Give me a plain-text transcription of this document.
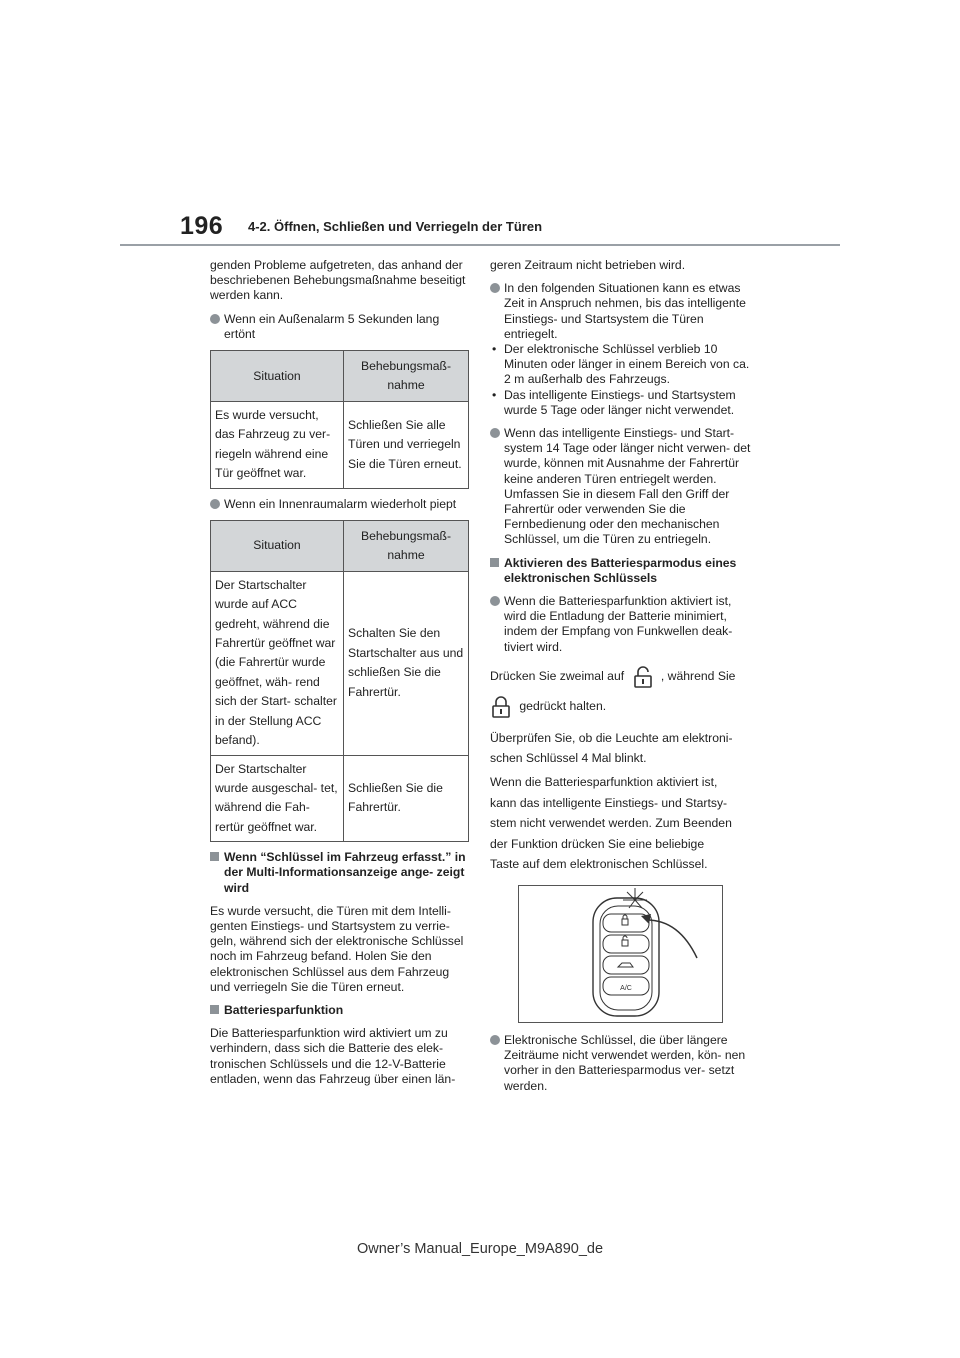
196 4-2. Öffnen, Schließen und Verriegeln der Türen

genden Probleme aufgetreten, das anhand der beschriebenen Behebungsmaßnahme beseitigt werden kann.

Wenn ein Außenalarm 5 Sekunden lang ertönt
Situation	Behebungsmaß- nahme
Es wurde versucht, das Fahrzeug zu ver- riegeln während eine Tür geöffnet war.	Schließen Sie alle Türen und verriegeln Sie die Türen erneut.
Wenn ein Innenraumalarm wiederholt piept
Situation	Behebungsmaß- nahme
Der Startschalter wurde auf ACC gedreht, während die Fahrertür geöffnet war (die Fahrertür wurde geöffnet, wäh- rend sich der Start- schalter in der Stellung ACC befand).	Schalten Sie den Startschalter aus und schließen Sie die Fahrertür.
Der Startschalter wurde ausgeschal- tet, während die Fah- rertür geöffnet war.	Schließen Sie die Fahrertür.
Wenn “Schlüssel im Fahrzeug erfasst.” in der Multi-Informationsanzeige ange- zeigt wird

Es wurde versucht, die Türen mit dem Intelli- genten Einstiegs- und Startsystem zu verrie- geln, während sich der elektronische Schlüssel noch im Fahrzeug befand. Holen Sie den elektronischen Schlüssel aus dem Fahrzeug und verriegeln Sie die Türen erneut.

Batteriesparfunktion

Die Batteriesparfunktion wird aktiviert um zu verhindern, dass sich die Batterie des elek- tronischen Schlüssels und die 12-V-Batterie entladen, wenn das Fahrzeug über einen län-

geren Zeitraum nicht betrieben wird.

In den folgenden Situationen kann es etwas Zeit in Anspruch nehmen, bis das intelligente Einstiegs- und Startsystem die Türen entriegelt.
• Der elektronische Schlüssel verblieb 10 Minuten oder länger in einem Bereich von ca. 2 m außerhalb des Fahrzeugs.
• Das intelligente Einstiegs- und Startsystem wurde 5 Tage oder länger nicht verwendet.
Wenn das intelligente Einstiegs- und Start- system 14 Tage oder länger nicht verwen- det wurde, können mit Ausnahme der Fahrertür keine anderen Türen entriegelt werden. Umfassen Sie in diesem Fall den Griff der Fahrertür oder verwenden Sie die Fernbedienung oder den mechanischen Schlüssel, um die Türen zu entriegeln.
Aktivieren des Batteriesparmodus eines elektronischen Schlüssels
Wenn die Batteriesparfunktion aktiviert ist, wird die Entladung der Batterie minimiert, indem der Empfang von Funkwellen deak- tiviert wird.
Drücken Sie zweimal auf	, während Sie
gedrückt halten.
Überprüfen Sie, ob die Leuchte am elektroni-
schen Schlüssel 4 Mal blinkt.
Wenn die Batteriesparfunktion aktiviert ist,
kann das intelligente Einstiegs- und Startsy-
stem nicht verwendet werden. Zum Beenden
der Funktion drücken Sie eine beliebige
Taste auf dem elektronischen Schlüssel.
A/C
Elektronische Schlüssel, die über längere Zeiträume nicht verwendet werden, kön- nen vorher in den Batteriesparmodus ver- setzt werden.
Owner’s Manual_Europe_M9A890_de
